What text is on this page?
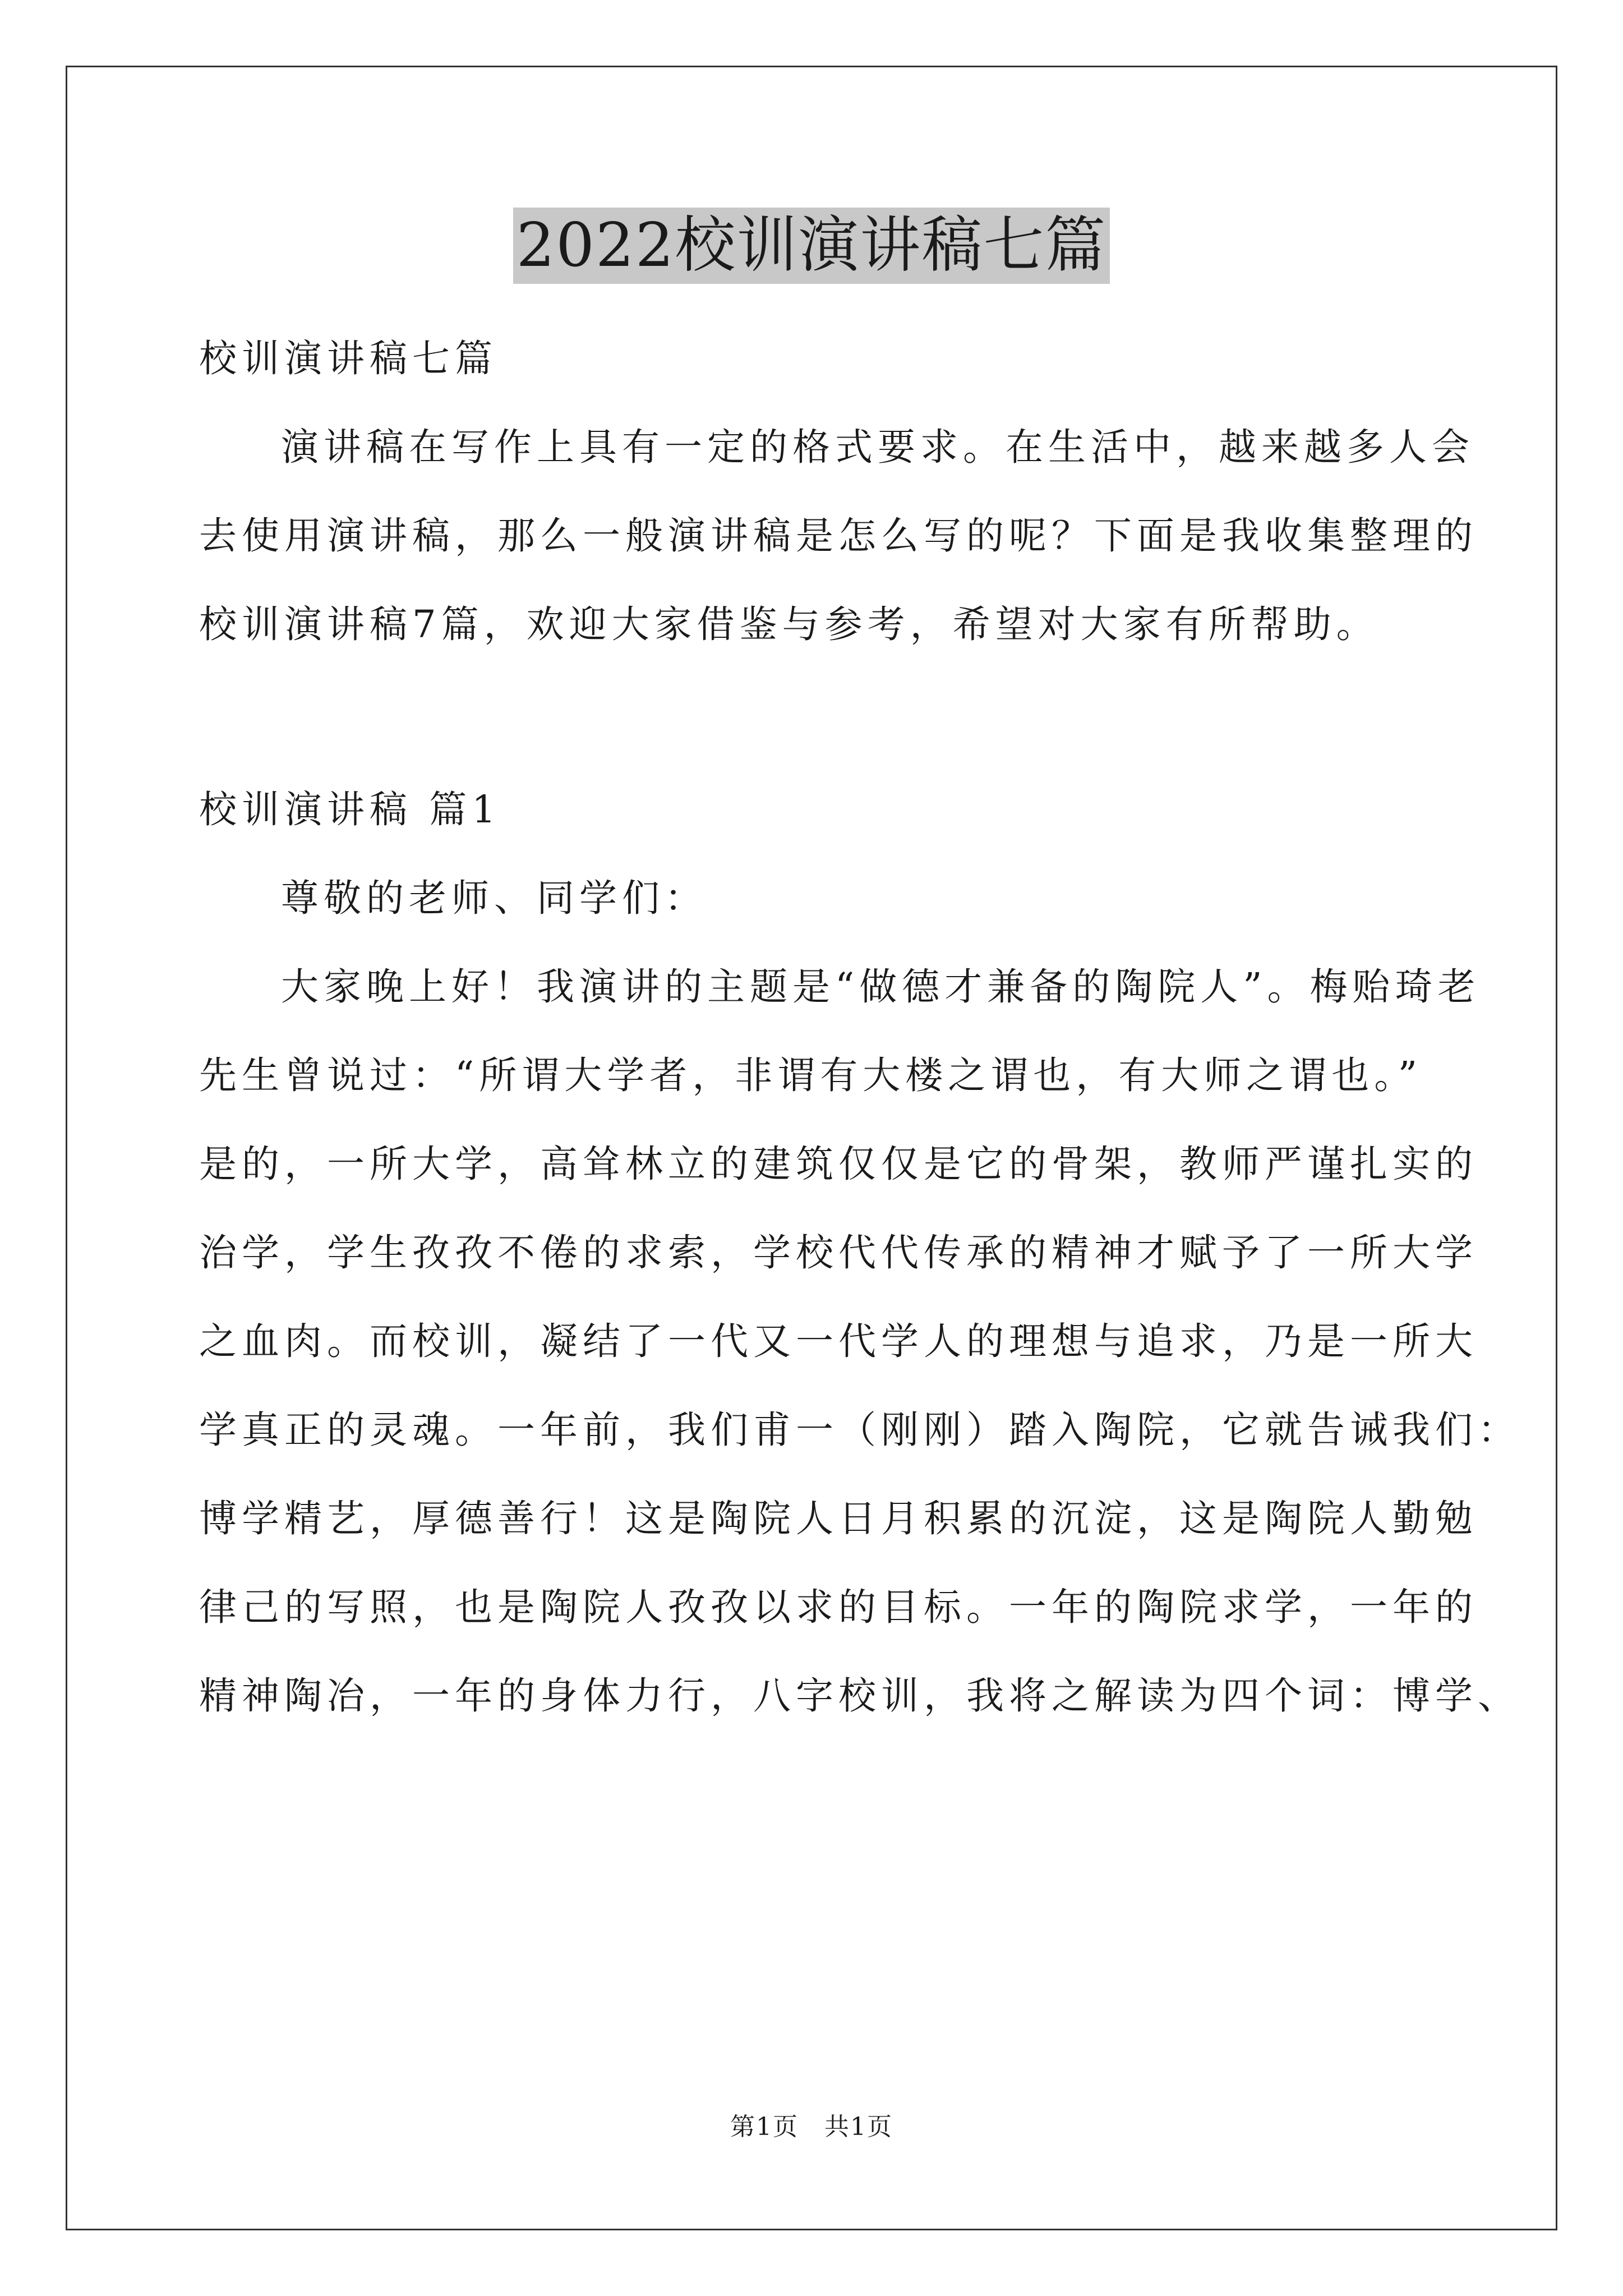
2022校训演讲稿七篇
校训演讲稿七篇
演讲稿在写作上具有一定的格式要求。在生活中，越来越多人会
去使用演讲稿，那么一般演讲稿是怎么写的呢？下面是我收集整理的
校训演讲稿7篇，欢迎大家借鉴与参考，希望对大家有所帮助。
校训演讲稿 篇1
尊敬的老师、同学们：
大家晚上好！我演讲的主题是“做德才兼备的陶院人”。梅贻琦老
先生曾说过：“所谓大学者，非谓有大楼之谓也，有大师之谓也。”
是的，一所大学，高耸林立的建筑仅仅是它的骨架，教师严谨扎实的
治学，学生孜孜不倦的求索，学校代代传承的精神才赋予了一所大学
之血肉。而校训，凝结了一代又一代学人的理想与追求，乃是一所大
学真正的灵魂。一年前，我们甫一（刚刚）踏入陶院，它就告诫我们：
博学精艺，厚德善行！这是陶院人日月积累的沉淀，这是陶院人勤勉
律己的写照，也是陶院人孜孜以求的目标。一年的陶院求学，一年的
精神陶冶，一年的身体力行，八字校训，我将之解读为四个词：博学、
第1页　共1页
